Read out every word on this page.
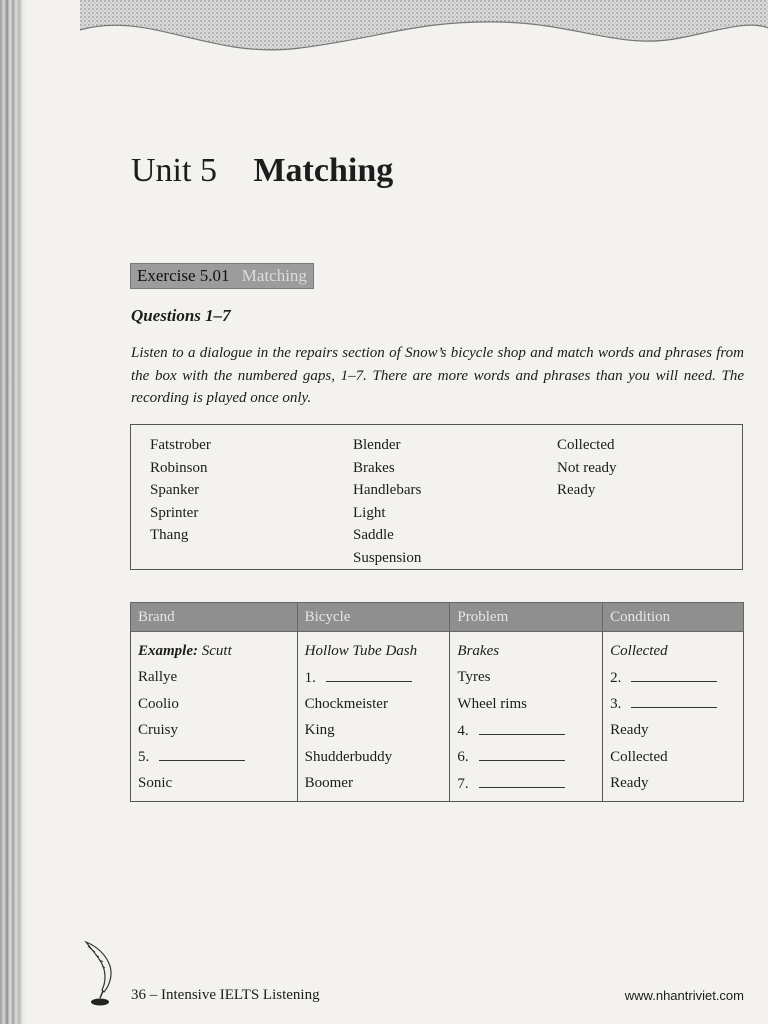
Unit 5 Matching
Exercise 5.01 Matching
Questions 1–7
Listen to a dialogue in the repairs section of Snow’s bicycle shop and match words and phrases from the box with the numbered gaps, 1–7. There are more words and phrases than you will need. The recording is played once only.
Fatstrober
Robinson
Spanker
Sprinter
Thang
Blender
Brakes
Handlebars
Light
Saddle
Suspension
Collected
Not ready
Ready
Brand	Bicycle	Problem	Condition
Example: Scutt	Hollow Tube Dash	Brakes	Collected
Rallye	1.	Tyres	2.
Coolio	Chockmeister	Wheel rims	3.
Cruisy	King	4.	Ready
5.	Shudderbuddy	6.	Collected
Sonic	Boomer	7.	Ready
36 – Intensive IELTS Listening	www.nhantriviet.com
